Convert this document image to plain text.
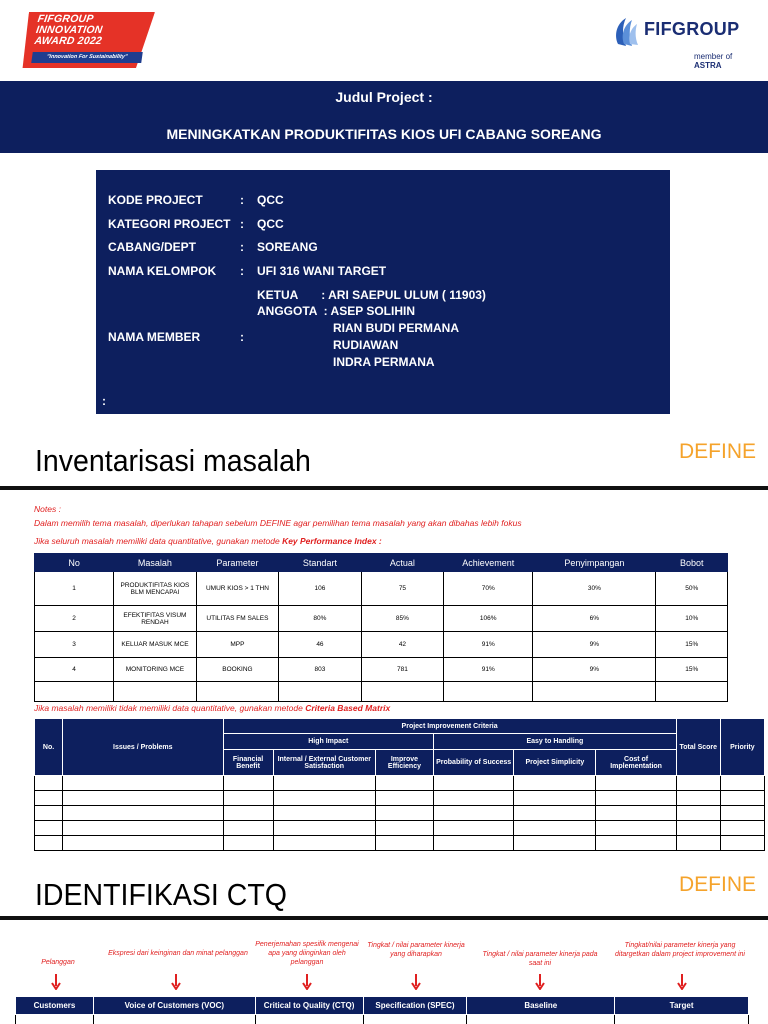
FIFGROUP
INNOVATION
AWARD 2022
"Innovation For Sustainability"
FIFGROUP
member of ASTRA
Judul Project :
MENINGKATKAN PRODUKTIFITAS KIOS UFI CABANG SOREANG
KODE PROJECT	: QCC
KATEGORI PROJECT : QCC
CABANG/DEPT	: SOREANG
NAMA KELOMPOK	: UFI 316 WANI TARGET
KETUA       : ARI SAEPUL ULUM ( 11903)
ANGGOTA  : ASEP SOLIHIN
NAMA MEMBER	:
RIAN BUDI PERMANA
RUDIAWAN
INDRA PERMANA
:
Inventarisasi masalah	DEFINE
Notes :
Dalam memilih tema masalah, diperlukan tahapan sebelum DEFINE agar pemilihan tema masalah yang akan dibahas lebih fokus
Jika seluruh masalah memiliki data quantitative, gunakan metode Key Performance Index :
No	Masalah	Parameter	Standart	Actual	Achievement	Penyimpangan	Bobot
1	PRODUKTIFITAS KIOS BLM MENCAPAI	UMUR KIOS > 1 THN	106	75	70%	30%	50%
2	EFEKTIFITAS VISUM RENDAH	UTILITAS FM SALES	80%	85%	106%	6%	10%
3	KELUAR MASUK MCE	MPP	46	42	91%	9%	15%
4	MONITORING MCE	BOOKING	803	781	91%	9%	15%

Jika masalah memiliki tidak memiliki data quantitative, gunakan metode Criteria Based Matrix
No.	Issues / Problems	Project Improvement Criteria						Total Score	Priority
		High Impact			Easy to Handling				
		Financial Benefit	Internal / External Customer Satisfaction	Improve Efficiency	Probability of Success	Project Simplicity	Cost of Implementation		

IDENTIFIKASI CTQ	DEFINE
Pelanggan
Ekspresi dari keinginan dan minat pelanggan
Penerjemahan spesifik mengenai apa yang diinginkan oleh pelanggan
Tingkat / nilai parameter kinerja yang diharapkan	Tingkat / nilai parameter kinerja pada saat ini
Tingkat/nilai parameter kinerja yang ditargetkan dalam project improvement ini
Customers	Voice of Customers (VOC)	Critical to Quality (CTQ)	Specification (SPEC)	Baseline	Target
